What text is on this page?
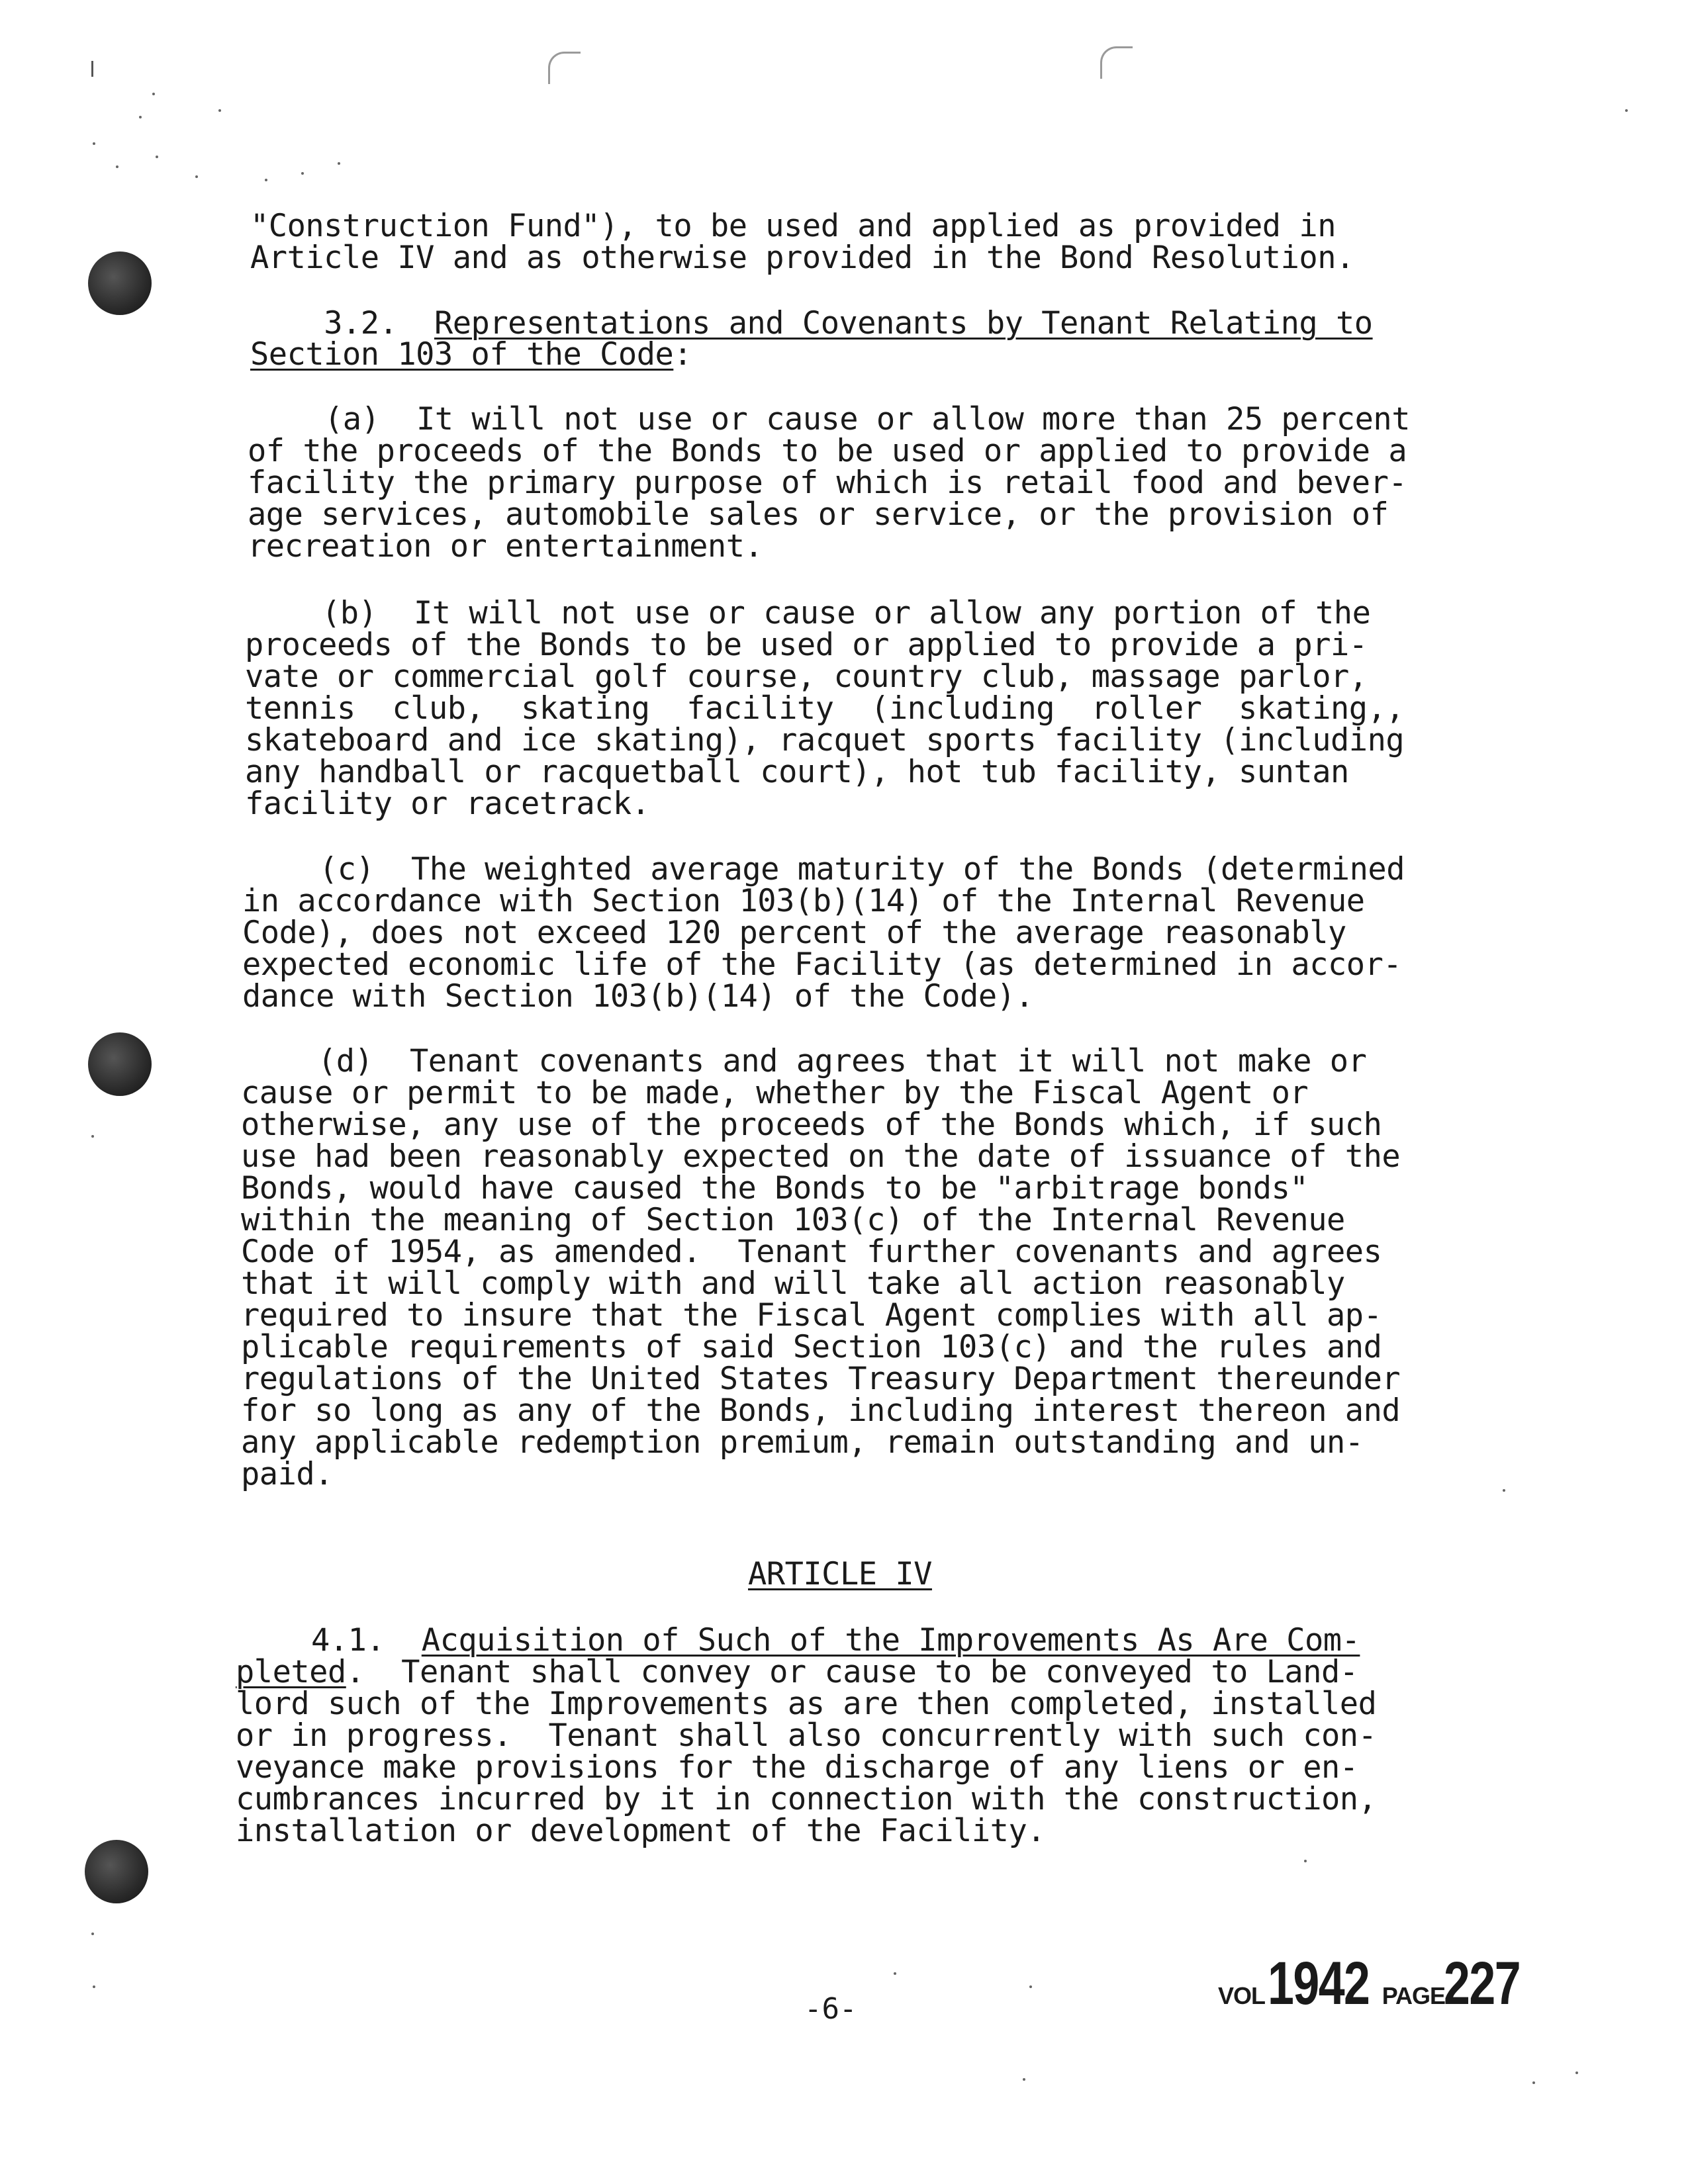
"Construction Fund"), to be used and applied as provided in
Article IV and as otherwise provided in the Bond Resolution.
3.2. Representations and Covenants by Tenant Relating to
Section 103 of the Code:
(a)  It will not use or cause or allow more than 25 percent
of the proceeds of the Bonds to be used or applied to provide a
facility the primary purpose of which is retail food and bever-
age services, automobile sales or service, or the provision of
recreation or entertainment.
(b)  It will not use or cause or allow any portion of the
proceeds of the Bonds to be used or applied to provide a pri-
vate or commercial golf course, country club, massage parlor,
tennis  club,  skating  facility  (including  roller  skating,,
skateboard and ice skating), racquet sports facility (including
any handball or racquetball court), hot tub facility, suntan
facility or racetrack.
(c)  The weighted average maturity of the Bonds (determined
in accordance with Section 103(b)(14) of the Internal Revenue
Code), does not exceed 120 percent of the average reasonably
expected economic life of the Facility (as determined in accor-
dance with Section 103(b)(14) of the Code).
(d)  Tenant covenants and agrees that it will not make or
cause or permit to be made, whether by the Fiscal Agent or
otherwise, any use of the proceeds of the Bonds which, if such
use had been reasonably expected on the date of issuance of the
Bonds, would have caused the Bonds to be "arbitrage bonds"
within the meaning of Section 103(c) of the Internal Revenue
Code of 1954, as amended.  Tenant further covenants and agrees
that it will comply with and will take all action reasonably
required to insure that the Fiscal Agent complies with all ap-
plicable requirements of said Section 103(c) and the rules and
regulations of the United States Treasury Department thereunder
for so long as any of the Bonds, including interest thereon and
any applicable redemption premium, remain outstanding and un-
paid.
ARTICLE IV
4.1. Acquisition of Such of the Improvements As Are Com-
pleted.  Tenant shall convey or cause to be conveyed to Land-
lord such of the Improvements as are then completed, installed
or in progress.  Tenant shall also concurrently with such con-
veyance make provisions for the discharge of any liens or en-
cumbrances incurred by it in connection with the construction,
installation or development of the Facility.
-6-	VOL 1942 PAGE
227
